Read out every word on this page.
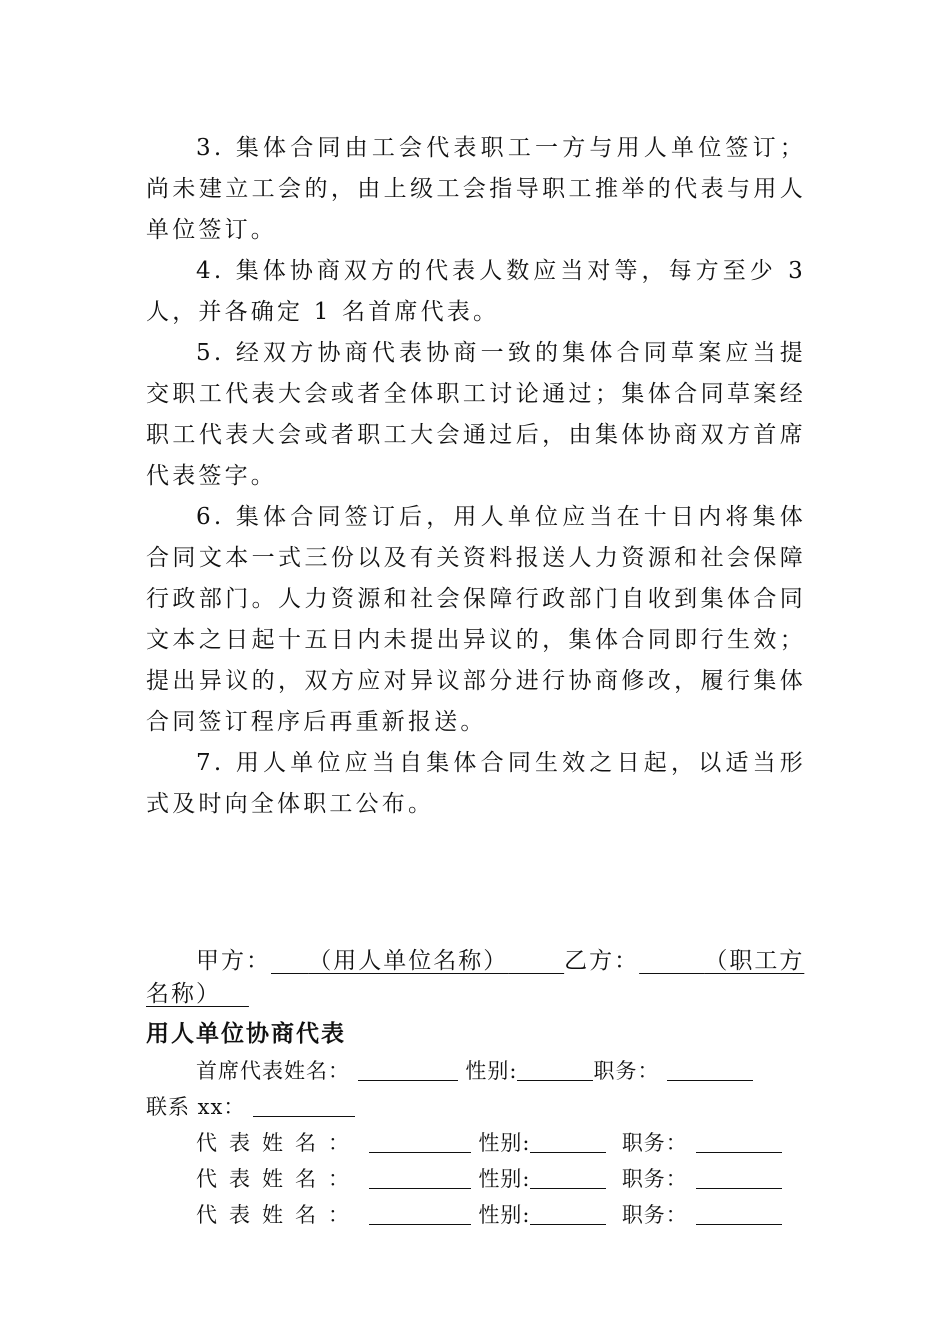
3. 集体合同由工会代表职工一方与用人单位签订；尚未建立工会的，由上级工会指导职工推举的代表与用人单位签订。

4. 集体协商双方的代表人数应当对等，每方至少 3 人，并各确定 1 名首席代表。

5. 经双方协商代表协商一致的集体合同草案应当提交职工代表大会或者全体职工讨论通过；集体合同草案经职工代表大会或者职工大会通过后，由集体协商双方首席代表签字。

6. 集体合同签订后，用人单位应当在十日内将集体合同文本一式三份以及有关资料报送人力资源和社会保障行政部门。人力资源和社会保障行政部门自收到集体合同文本之日起十五日内未提出异议的，集体合同即行生效；提出异议的，双方应对异议部分进行协商修改，履行集体合同签订程序后再重新报送。

7. 用人单位应当自集体合同生效之日起，以适当形式及时向全体职工公布。

甲方： （用人单位名称） 乙方：	（职工方名称）

用人单位协商代表

首席代表姓名：	性别:	职务：

联系 xx：

代表姓名：	性别:	职务：

代表姓名：	性别:	职务：

代表姓名：	性别:	职务：
